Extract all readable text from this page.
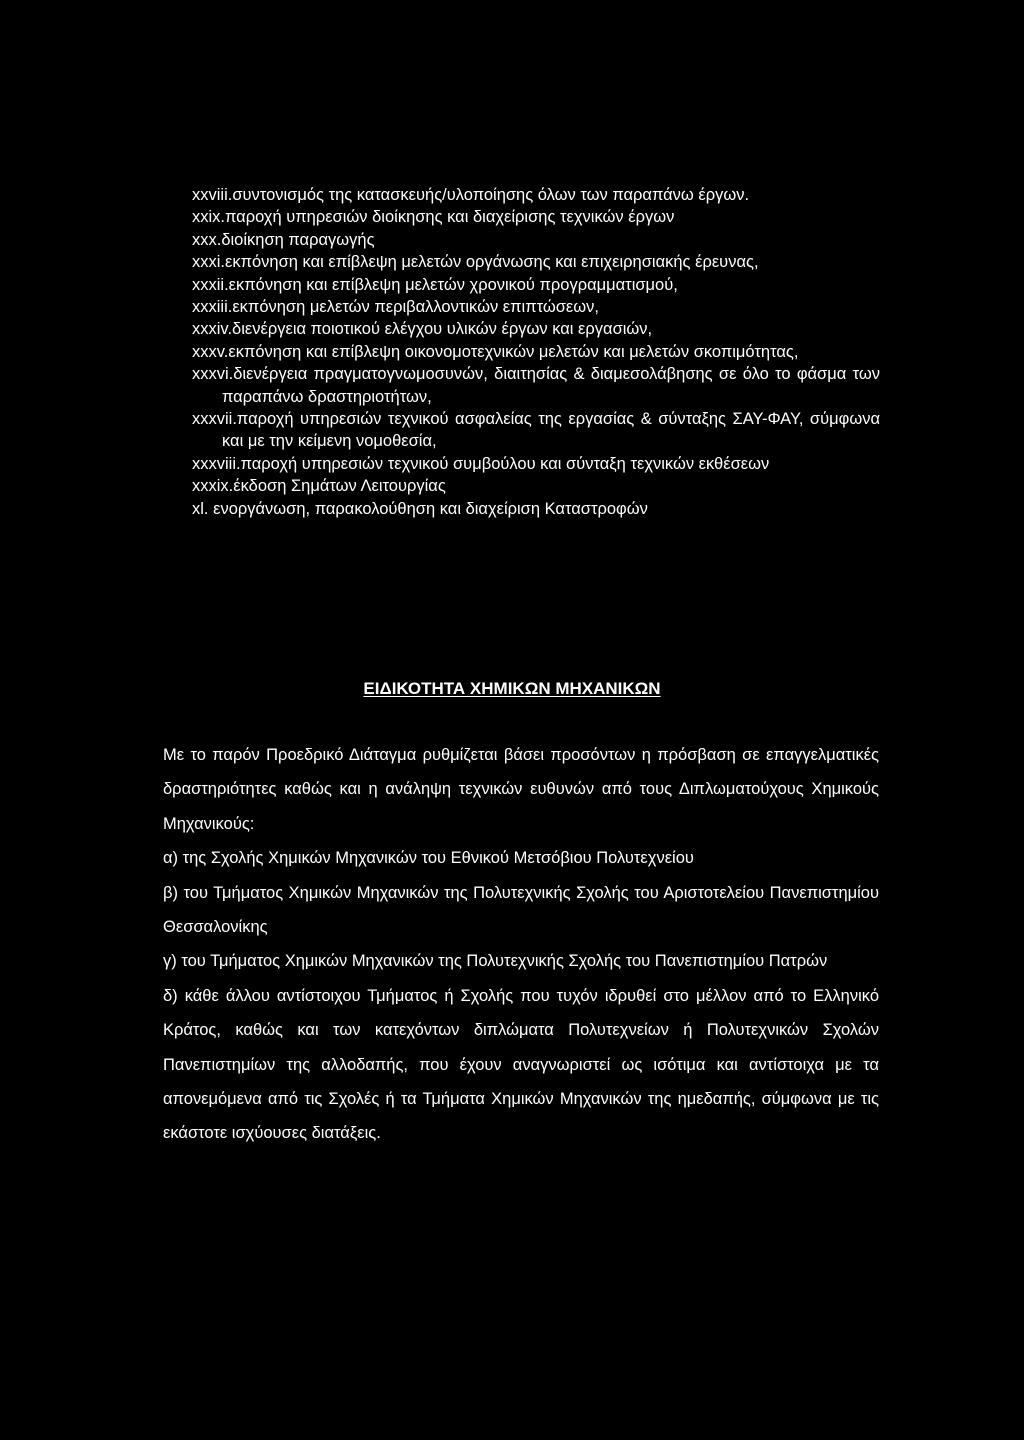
xxviii.συντονισμός της κατασκευής/υλοποίησης όλων των παραπάνω έργων.
xxix.παροχή υπηρεσιών διοίκησης και διαχείρισης τεχνικών έργων
xxx.διοίκηση παραγωγής
xxxi.εκπόνηση και επίβλεψη μελετών οργάνωσης και επιχειρησιακής έρευνας,
xxxii.εκπόνηση και επίβλεψη μελετών χρονικού προγραμματισμού,
xxxiii.εκπόνηση μελετών περιβαλλοντικών επιπτώσεων,
xxxiv.διενέργεια ποιοτικού ελέγχου υλικών έργων και εργασιών,
xxxv.εκπόνηση και επίβλεψη οικονομοτεχνικών μελετών και μελετών σκοπιμότητας,
xxxvi.διενέργεια πραγματογνωμοσυνών, διαιτησίας & διαμεσολάβησης σε όλο το φάσμα των παραπάνω δραστηριοτήτων,
xxxvii.παροχή υπηρεσιών τεχνικού ασφαλείας της εργασίας & σύνταξης ΣΑΥ-ΦΑΥ, σύμφωνα και με την κείμενη νομοθεσία,
xxxviii.παροχή υπηρεσιών τεχνικού συμβούλου και σύνταξη τεχνικών εκθέσεων
xxxix.έκδοση Σημάτων Λειτουργίας
xl. ενοργάνωση, παρακολούθηση και διαχείριση Καταστροφών
ΕΙΔΙΚΟΤΗΤΑ ΧΗΜΙΚΩΝ ΜΗΧΑΝΙΚΩΝ

Με το παρόν Προεδρικό Διάταγμα ρυθμίζεται βάσει προσόντων η πρόσβαση σε επαγγελματικές δραστηριότητες καθώς και η ανάληψη τεχνικών ευθυνών από τους Διπλωματούχους Χημικούς Μηχανικούς:

α) της Σχολής Χημικών Μηχανικών του Εθνικού Μετσόβιου Πολυτεχνείου

β) του Τμήματος Χημικών Μηχανικών της Πολυτεχνικής Σχολής του Αριστοτελείου Πανεπιστημίου Θεσσαλονίκης

γ) του Τμήματος Χημικών Μηχανικών της Πολυτεχνικής Σχολής του Πανεπιστημίου Πατρών

δ) κάθε άλλου αντίστοιχου Τμήματος ή Σχολής που τυχόν ιδρυθεί στο μέλλον από το Ελληνικό Κράτος, καθώς και των κατεχόντων διπλώματα Πολυτεχνείων ή Πολυτεχνικών Σχολών Πανεπιστημίων της αλλοδαπής, που έχουν αναγνωριστεί ως ισότιμα και αντίστοιχα με τα απονεμόμενα από τις Σχολές ή τα Τμήματα Χημικών Μηχανικών της ημεδαπής, σύμφωνα με τις εκάστοτε ισχύουσες διατάξεις.
